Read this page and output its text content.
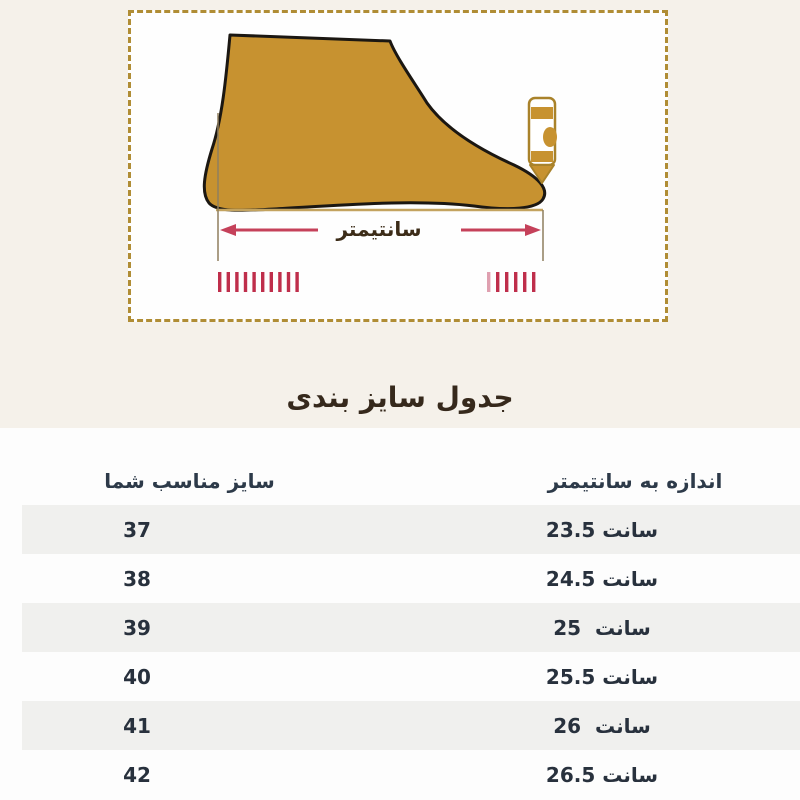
سانتیمتر
جدول سایز بندی
سایز مناسب شما	اندازه به سانتیمتر
37	23.5 سانت
38	24.5 سانت
39	25  سانت
40	25.5 سانت
41	26  سانت
42	26.5 سانت
